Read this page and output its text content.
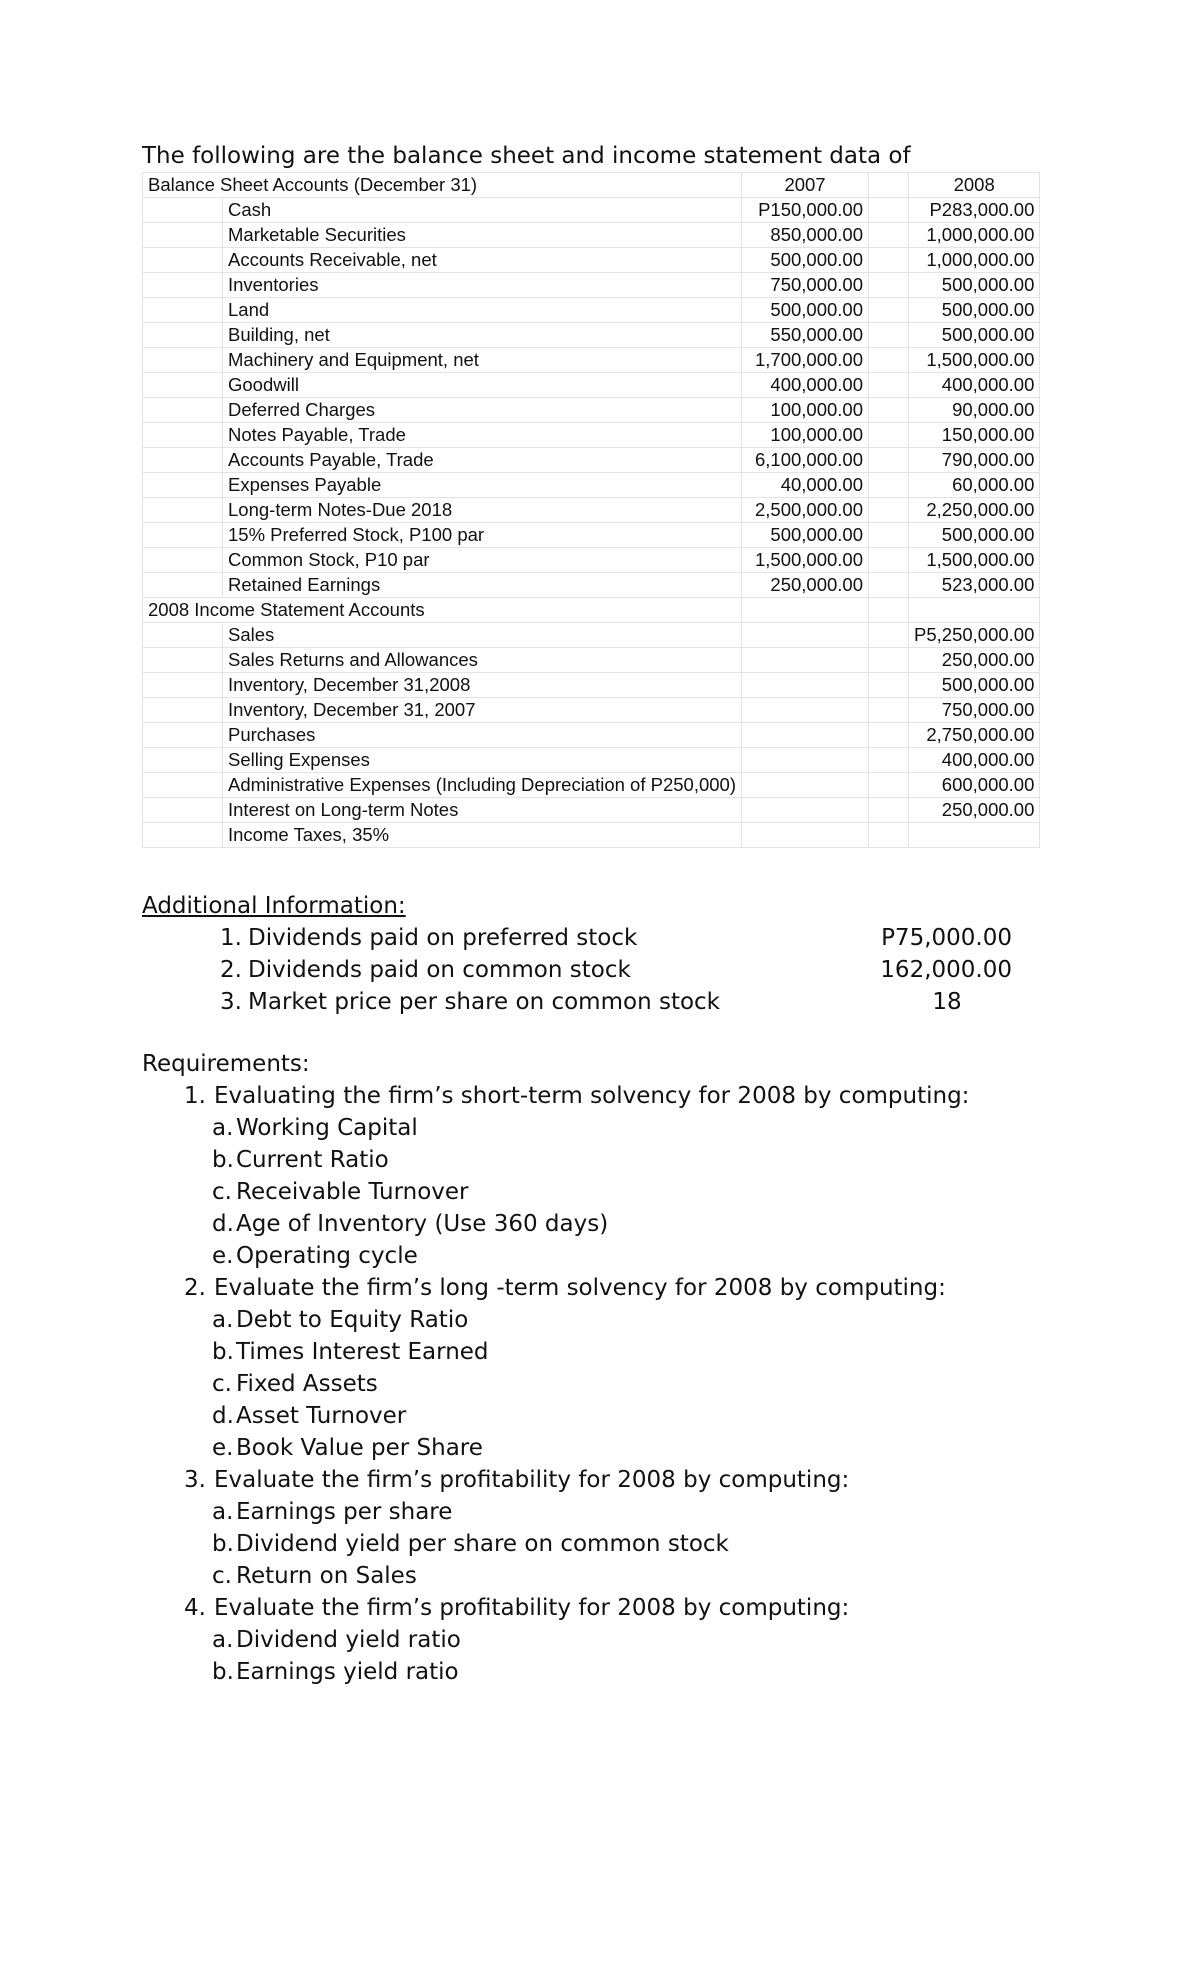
The following are the balance sheet and income statement data of
Balance Sheet Accounts (December 31)		2007		2008
	Cash	P150,000.00		P283,000.00
	Marketable Securities	850,000.00		1,000,000.00
	Accounts Receivable, net	500,000.00		1,000,000.00
	Inventories	750,000.00		500,000.00
	Land	500,000.00		500,000.00
	Building, net	550,000.00		500,000.00
	Machinery and Equipment, net	1,700,000.00		1,500,000.00
	Goodwill	400,000.00		400,000.00
	Deferred Charges	100,000.00		90,000.00
	Notes Payable, Trade	100,000.00		150,000.00
	Accounts Payable, Trade	6,100,000.00		790,000.00
	Expenses Payable	40,000.00		60,000.00
	Long-term Notes-Due 2018	2,500,000.00		2,250,000.00
	15% Preferred Stock, P100 par	500,000.00		500,000.00
	Common Stock, P10 par	1,500,000.00		1,500,000.00
	Retained Earnings	250,000.00		523,000.00
2008 Income Statement Accounts				
	Sales			P5,250,000.00
	Sales Returns and Allowances			250,000.00
	Inventory, December 31,2008			500,000.00
	Inventory, December 31, 2007			750,000.00
	Purchases			2,750,000.00
	Selling Expenses			400,000.00
	Administrative Expenses (Including Depreciation of P250,000)			600,000.00
	Interest on Long-term Notes			250,000.00
	Income Taxes, 35%			
Additional Information:
1. Dividends paid on preferred stock	P75,000.00
2. Dividends paid on common stock	162,000.00
3. Market price per share on common stock	18
Requirements:
1. Evaluating the firm’s short-term solvency for 2008 by computing:
a. Working Capital
b.Current Ratio
c. Receivable Turnover
d.Age of Inventory (Use 360 days)
e. Operating cycle
2. Evaluate the firm’s long -term solvency for 2008 by computing:
a. Debt to Equity Ratio
b.Times Interest Earned
c. Fixed Assets
d.Asset Turnover
e. Book Value per Share
3. Evaluate the firm’s profitability for 2008 by computing:
a. Earnings per share
b.Dividend yield per share on common stock
c. Return on Sales
4. Evaluate the firm’s profitability for 2008 by computing:
a. Dividend yield ratio
b.Earnings yield ratio
